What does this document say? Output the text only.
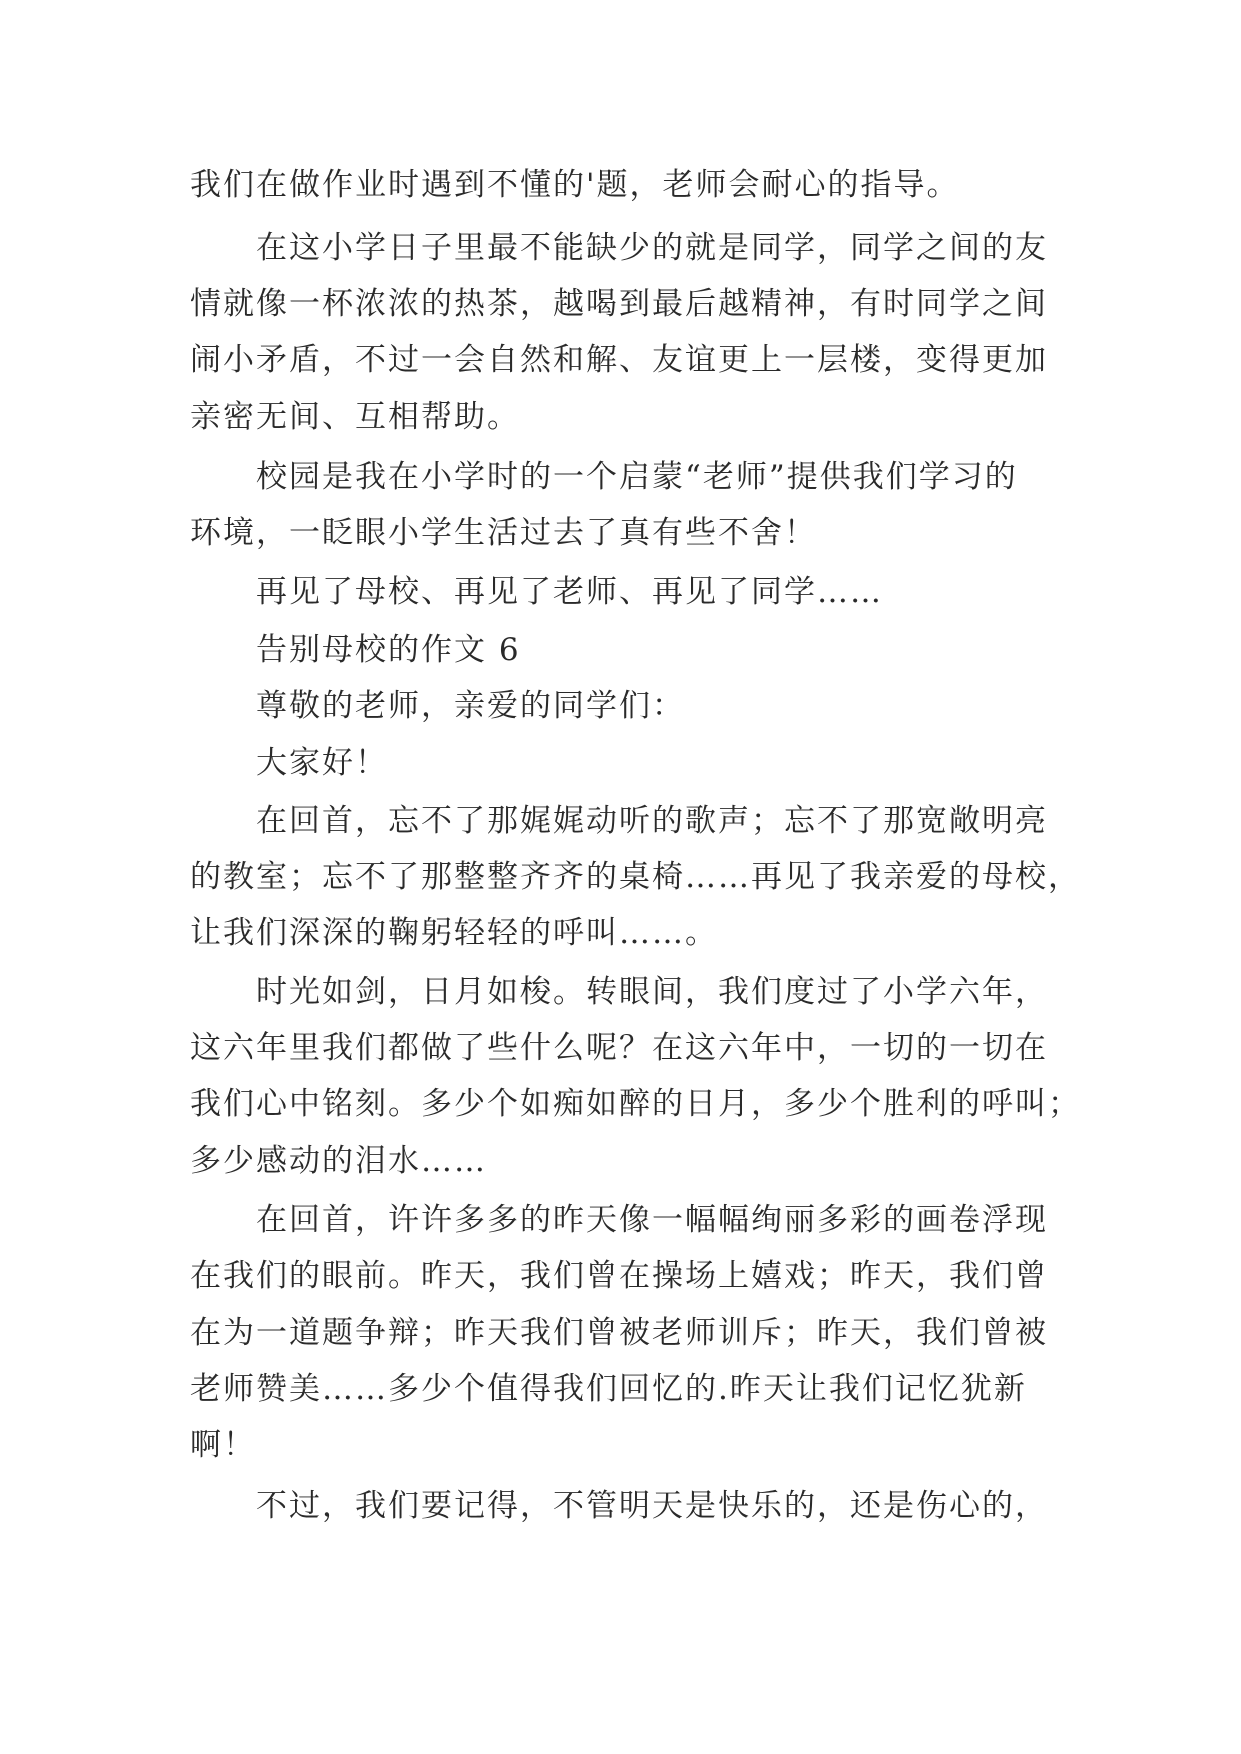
我们在做作业时遇到不懂的'题，老师会耐心的指导。
在这小学日子里最不能缺少的就是同学，同学之间的友
情就像一杯浓浓的热茶，越喝到最后越精神，有时同学之间
闹小矛盾，不过一会自然和解、友谊更上一层楼，变得更加
亲密无间、互相帮助。
校园是我在小学时的一个启蒙“老师”提供我们学习的
环境，一眨眼小学生活过去了真有些不舍！
再见了母校、再见了老师、再见了同学……
告别母校的作文 6
尊敬的老师，亲爱的同学们：
大家好！
在回首，忘不了那娓娓动听的歌声；忘不了那宽敞明亮
的教室；忘不了那整整齐齐的桌椅……再见了我亲爱的母校，
让我们深深的鞠躬轻轻的呼叫……。
时光如剑，日月如梭。转眼间，我们度过了小学六年，
这六年里我们都做了些什么呢？在这六年中，一切的一切在
我们心中铭刻。多少个如痴如醉的日月，多少个胜利的呼叫；
多少感动的泪水……
在回首，许许多多的昨天像一幅幅绚丽多彩的画卷浮现
在我们的眼前。昨天，我们曾在操场上嬉戏；昨天，我们曾
在为一道题争辩；昨天我们曾被老师训斥；昨天，我们曾被
老师赞美……多少个值得我们回忆的.昨天让我们记忆犹新
啊！
不过，我们要记得，不管明天是快乐的，还是伤心的，
